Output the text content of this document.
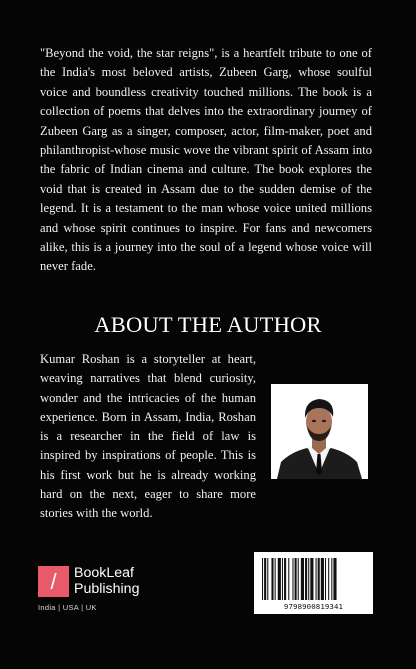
"Beyond the void, the star reigns", is a heartfelt tribute to one of the India's most beloved artists, Zubeen Garg, whose soulful voice and boundless creativity touched millions. The book is a collection of poems that delves into the extraordinary journey of Zubeen Garg as a singer, composer, actor, film-maker, poet and philanthropist-whose music wove the vibrant spirit of Assam into the fabric of Indian cinema and culture. The book explores the void that is created in Assam due to the sudden demise of the legend. It is a testament to the man whose voice united millions and whose spirit continues to inspire. For fans and newcomers alike, this is a journey into the soul of a legend whose voice will never fade.
ABOUT THE AUTHOR
Kumar Roshan is a storyteller at heart, weaving narratives that blend curiosity, wonder and the intricacies of the human experience. Born in Assam, India, Roshan is a researcher in the field of law is inspired by inspirations of people. This is his first work but he is already working hard on the next, eager to share more stories with the world.
/	BookLeaf
Publishing
India | USA | UK	9798900819341
